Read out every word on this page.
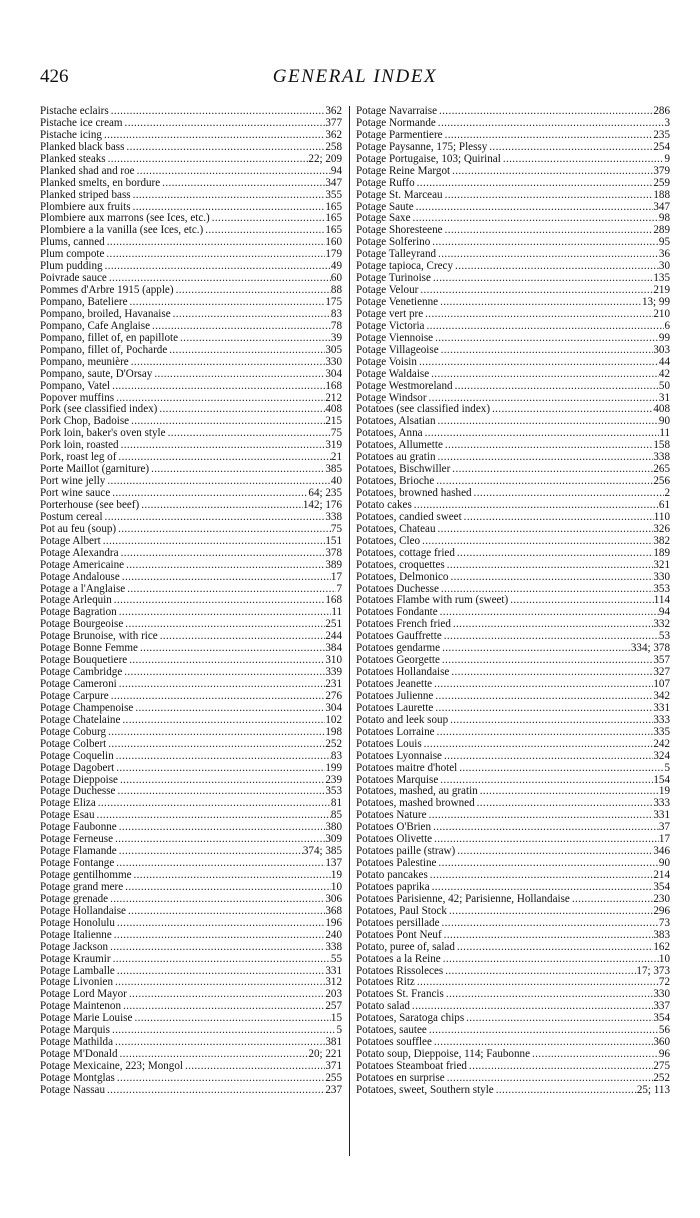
426	GENERAL INDEX
Pistache eclairs . . .	362
Pistache ice cream . . .	377
Pistache icing . . .	362
Planked black bass . . .	258
Planked steaks . . .	22; 209
Planked shad and roe . . .	94
Planked smelts, en bordure . . .	347
Planked striped bass . . .	355
Plombiere aux fruits . . .	165
Plombiere aux marrons (see Ices, etc.) . . .	165
Plombiere a la vanilla (see Ices, etc.) . . .	165
Plums, canned . . .	160
Plum compote . . .	179
Plum pudding . . .	49
Poivrade sauce . . .	60
Pommes d'Arbre 1915 (apple) . . .	88
Pompano, Bateliere . . .	175
Pompano, broiled, Havanaise . . .	83
Pompano, Cafe Anglaise . . .	78
Pompano, fillet of, en papillote . . .	39
Pompano, fillet of, Pocharde . . .	305
Pompano, meunière . . .	330
Pompano, saute, D'Orsay . . .	304
Pompano, Vatel . . .	168
Popover muffins . . .	212
Pork (see classified index) . . .	408
Pork Chop, Badoise . . .	215
Pork loin, baker's oven style . . .	75
Pork loin, roasted . . .	319
Pork, roast leg of . . .	21
Porte Maillot (garniture) . . .	385
Port wine jelly . . .	40
Port wine sauce . . .	64; 235
Porterhouse (see beef) . . .	142; 176
Postum cereal . . .	338
Pot au feu (soup) . . .	75
Potage Albert . . .	151
Potage Alexandra . . .	378
Potage Americaine . . .	389
Potage Andalouse . . .	17
Potage a l'Anglaise . . .	7
Potage Arlequin . . .	168
Potage Bagration . . .	11
Potage Bourgeoise . . .	251
Potage Brunoise, with rice . . .	244
Potage Bonne Femme . . .	384
Potage Bouquetiere . . .	310
Potage Cambridge . . .	339
Potage Cameroni . . .	231
Potage Carpure . . .	276
Potage Champenoise . . .	304
Potage Chatelaine . . .	102
Potage Coburg . . .	198
Potage Colbert . . .	252
Potage Coquelin . . .	83
Potage Dagobert . . .	199
Potage Dieppoise . . .	239
Potage Duchesse . . .	353
Potage Eliza . . .	81
Potage Esau . . .	85
Potage Faubonne . . .	380
Potage Ferneuse . . .	309
Potage Flamande . . .	374; 385
Potage Fontange . . .	137
Potage gentilhomme . . .	19
Potage grand mere . . .	10
Potage grenade . . .	306
Potage Hollandaise . . .	368
Potage Honolulu . . .	196
Potage Italienne . . .	240
Potage Jackson . . .	338
Potage Kraumir . . .	55
Potage Lamballe . . .	331
Potage Livonien . . .	312
Potage Lord Mayor . . .	203
Potage Maintenon . . .	257
Potage Marie Louise . . .	15
Potage Marquis . . .	5
Potage Mathilda . . .	381
Potage M'Donald . . .	20; 221
Potage Mexicaine, 223; Mongol . . .	371
Potage Montglas . . .	255
Potage Nassau . . .	237
Potage Navarraise . . .	286
Potage Normande . . .	3
Potage Parmentiere . . .	235
Potage Paysanne, 175; Plessy . . .	254
Potage Portugaise, 103; Quirinal . . .	9
Potage Reine Margot . . .	379
Potage Ruffo . . .	259
Potage St. Marceau . . .	188
Potage Saute . . .	347
Potage Saxe . . .	98
Potage Shoresteene . . .	289
Potage Solferino . . .	95
Potage Talleyrand . . .	36
Potage tapioca, Crecy . . .	30
Potage Turinoise . . .	135
Potage Velour . . .	219
Potage Venetienne . . .	13; 99
Potage vert pre . . .	210
Potage Victoria . . .	6
Potage Viennoise . . .	99
Potage Villageoise . . .	303
Potage Voisin . . .	44
Potage Waldaise . . .	42
Potage Westmoreland . . .	50
Potage Windsor . . .	31
Potatoes (see classified index) . . .	408
Potatoes, Alsatian . . .	90
Potatoes, Anna . . .	11
Potatoes, Allumette . . .	158
Potatoes au gratin . . .	338
Potatoes, Bischwiller . . .	265
Potatoes, Brioche . . .	256
Potatoes, browned hashed . . .	2
Potato cakes . . .	61
Potatoes, candied sweet . . .	110
Potatoes, Chateau . . .	326
Potatoes, Cleo . . .	382
Potatoes, cottage fried . . .	189
Potatoes, croquettes . . .	321
Potatoes, Delmonico . . .	330
Potatoes Duchesse . . .	353
Potatoes Flambe with rum (sweet) . . .	114
Potatoes Fondante . . .	94
Potatoes French fried . . .	332
Potatoes Gauffrette . . .	53
Potatoes gendarme . . .	334; 378
Potatoes Georgette . . .	357
Potatoes Hollandaise . . .	327
Potatoes Jeanette . . .	107
Potatoes Julienne . . .	342
Potatoes Laurette . . .	331
Potato and leek soup . . .	333
Potatoes Lorraine . . .	335
Potatoes Louis . . .	242
Potatoes Lyonnaise . . .	324
Potatoes maitre d'hotel . . .	5
Potatoes Marquise . . .	154
Potatoes, mashed, au gratin . . .	19
Potatoes, mashed browned . . .	333
Potatoes Nature . . .	331
Potatoes O'Brien . . .	37
Potatoes Olivette . . .	17
Potatoes paille (straw) . . .	346
Potatoes Palestine . . .	90
Potato pancakes . . .	214
Potatoes paprika . . .	354
Potatoes Parisienne, 42; Parisienne, Hollandaise . . .	230
Potatoes, Paul Stock . . .	296
Potatoes persillade . . .	73
Potatoes Pont Neuf . . .	383
Potato, puree of, salad . . .	162
Potatoes a la Reine . . .	10
Potatoes Rissoleces . . .	17; 373
Potatoes Ritz . . .	72
Potatoes St. Francis . . .	330
Potato salad . . .	337
Potatoes, Saratoga chips . . .	354
Potatoes, sautee . . .	56
Potatoes soufflee . . .	360
Potato soup, Dieppoise, 114; Faubonne . . .	96
Potatoes Steamboat fried . . .	275
Potatoes en surprise . . .	252
Potatoes, sweet, Southern style . . .	25; 113
